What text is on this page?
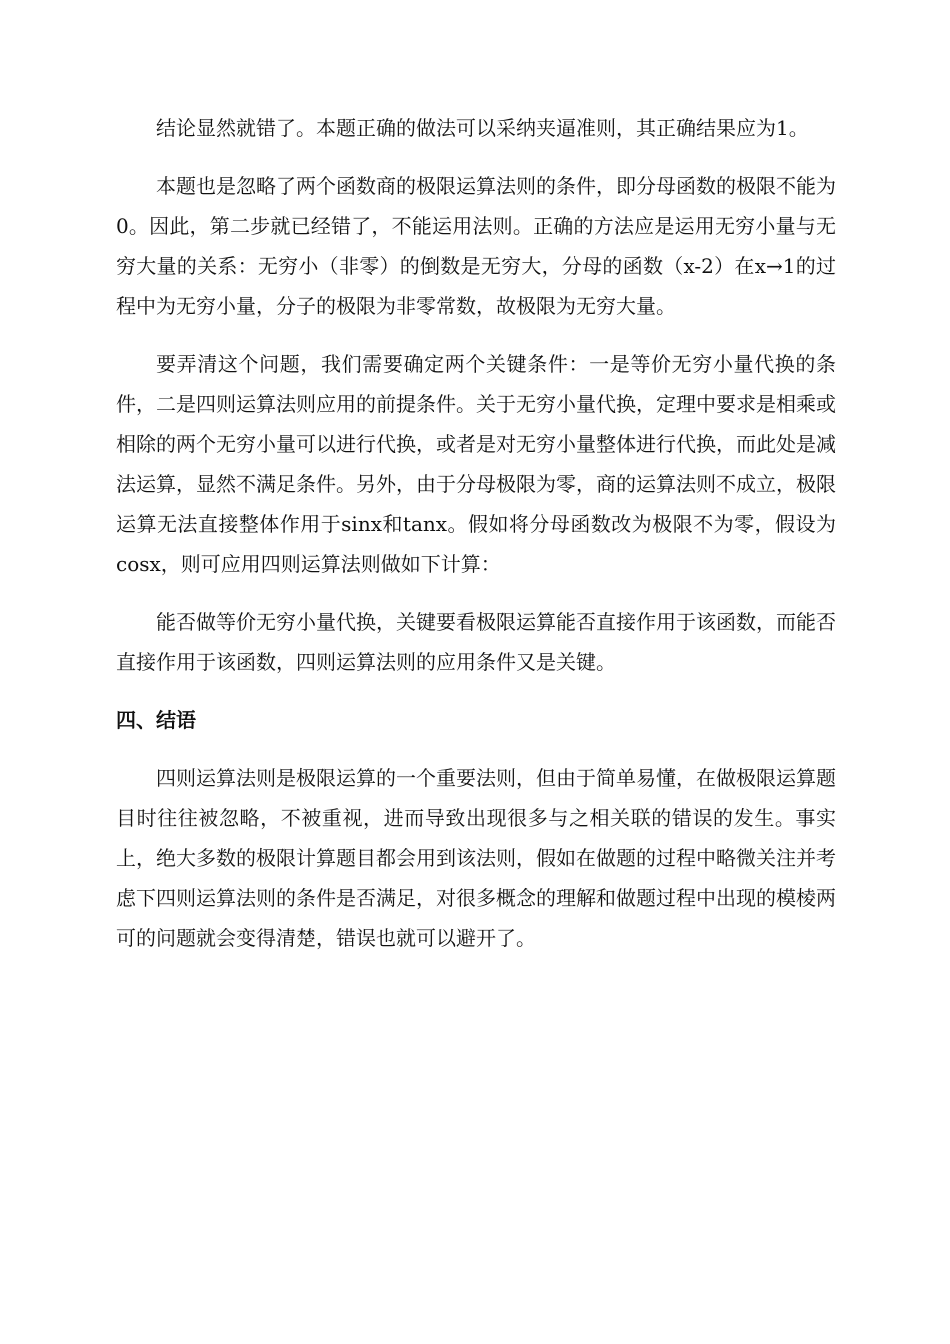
结论显然就错了。本题正确的做法可以采纳夹逼准则，其正确结果应为1。

本题也是忽略了两个函数商的极限运算法则的条件，即分母函数的极限不能为0。因此，第二步就已经错了，不能运用法则。正确的方法应是运用无穷小量与无穷大量的关系：无穷小（非零）的倒数是无穷大，分母的函数（x-2）在x→1的过程中为无穷小量，分子的极限为非零常数，故极限为无穷大量。

要弄清这个问题，我们需要确定两个关键条件：一是等价无穷小量代换的条件，二是四则运算法则应用的前提条件。关于无穷小量代换，定理中要求是相乘或相除的两个无穷小量可以进行代换，或者是对无穷小量整体进行代换，而此处是减法运算，显然不满足条件。另外，由于分母极限为零，商的运算法则不成立，极限运算无法直接整体作用于sinx和tanx。假如将分母函数改为极限不为零，假设为cosx，则可应用四则运算法则做如下计算：

能否做等价无穷小量代换，关键要看极限运算能否直接作用于该函数，而能否直接作用于该函数，四则运算法则的应用条件又是关键。

四、结语

四则运算法则是极限运算的一个重要法则，但由于简单易懂，在做极限运算题目时往往被忽略，不被重视，进而导致出现很多与之相关联的错误的发生。事实上，绝大多数的极限计算题目都会用到该法则，假如在做题的过程中略微关注并考虑下四则运算法则的条件是否满足，对很多概念的理解和做题过程中出现的模棱两可的问题就会变得清楚，错误也就可以避开了。
